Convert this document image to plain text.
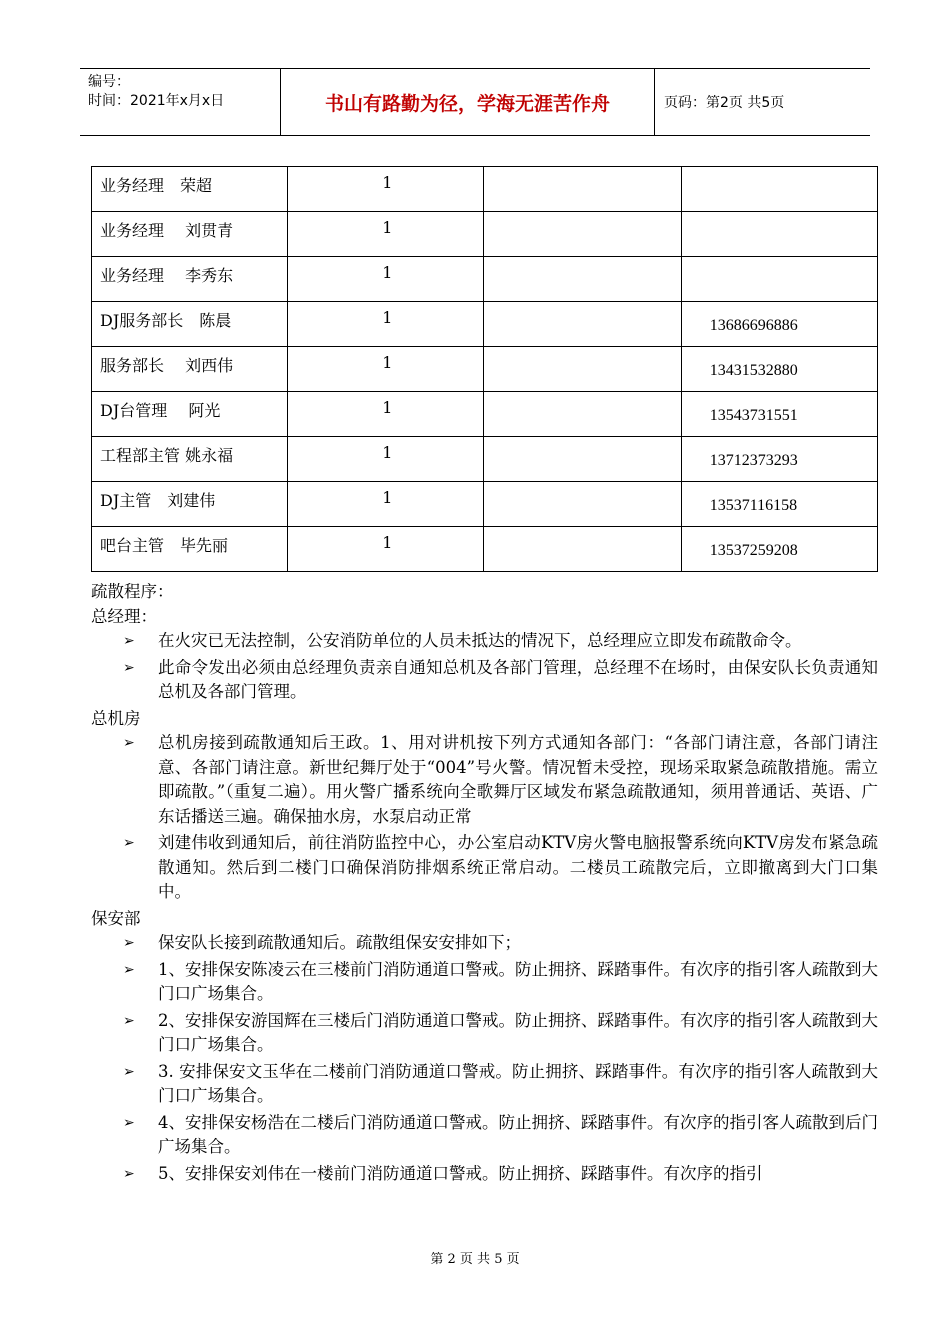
编号：
时间：2021年x月x日	书山有路勤为径，学海无涯苦作舟	页码：第2页 共5页
业务经理　荣超	1		
业务经理　 刘贯青	1		
业务经理　 李秀东	1		
DJ服务部长　陈晨	1		13686696886
服务部长　 刘西伟	1		13431532880
DJ台管理　 阿光	1		13543731551
工程部主管 姚永福	1		13712373293
DJ主管　刘建伟	1		13537116158
吧台主管　毕先丽	1		13537259208

疏散程序：

总经理：

➢ 在火灾已无法控制，公安消防单位的人员未抵达的情况下，总经理应立即发布疏散命令。
➢ 此命令发出必须由总经理负责亲自通知总机及各部门管理，总经理不在场时，由保安队长负责通知总机及各部门管理。

总机房

➢ 总机房接到疏散通知后王政。1、用对讲机按下列方式通知各部门：“各部门请注意，各部门请注意、各部门请注意。新世纪舞厅处于“004”号火警。情况暂未受控，现场采取紧急疏散措施。需立即疏散。”（重复二遍）。用火警广播系统向全歌舞厅区域发布紧急疏散通知，须用普通话、英语、广东话播送三遍。确保抽水房，水泵启动正常
➢ 刘建伟收到通知后，前往消防监控中心，办公室启动KTV房火警电脑报警系统向KTV房发布紧急疏散通知。然后到二楼门口确保消防排烟系统正常启动。二楼员工疏散完后，立即撤离到大门口集中。

保安部

➢ 保安队长接到疏散通知后。疏散组保安安排如下；
➢ 1、安排保安陈凌云在三楼前门消防通道口警戒。防止拥挤、踩踏事件。有次序的指引客人疏散到大门口广场集合。
➢ 2、安排保安游国辉在三楼后门消防通道口警戒。防止拥挤、踩踏事件。有次序的指引客人疏散到大门口广场集合。
➢ 3. 安排保安文玉华在二楼前门消防通道口警戒。防止拥挤、踩踏事件。有次序的指引客人疏散到大门口广场集合。
➢ 4、安排保安杨浩在二楼后门消防通道口警戒。防止拥挤、踩踏事件。有次序的指引客人疏散到后门广场集合。
➢ 5、安排保安刘伟在一楼前门消防通道口警戒。防止拥挤、踩踏事件。有次序的指引
第 2 页 共 5 页
